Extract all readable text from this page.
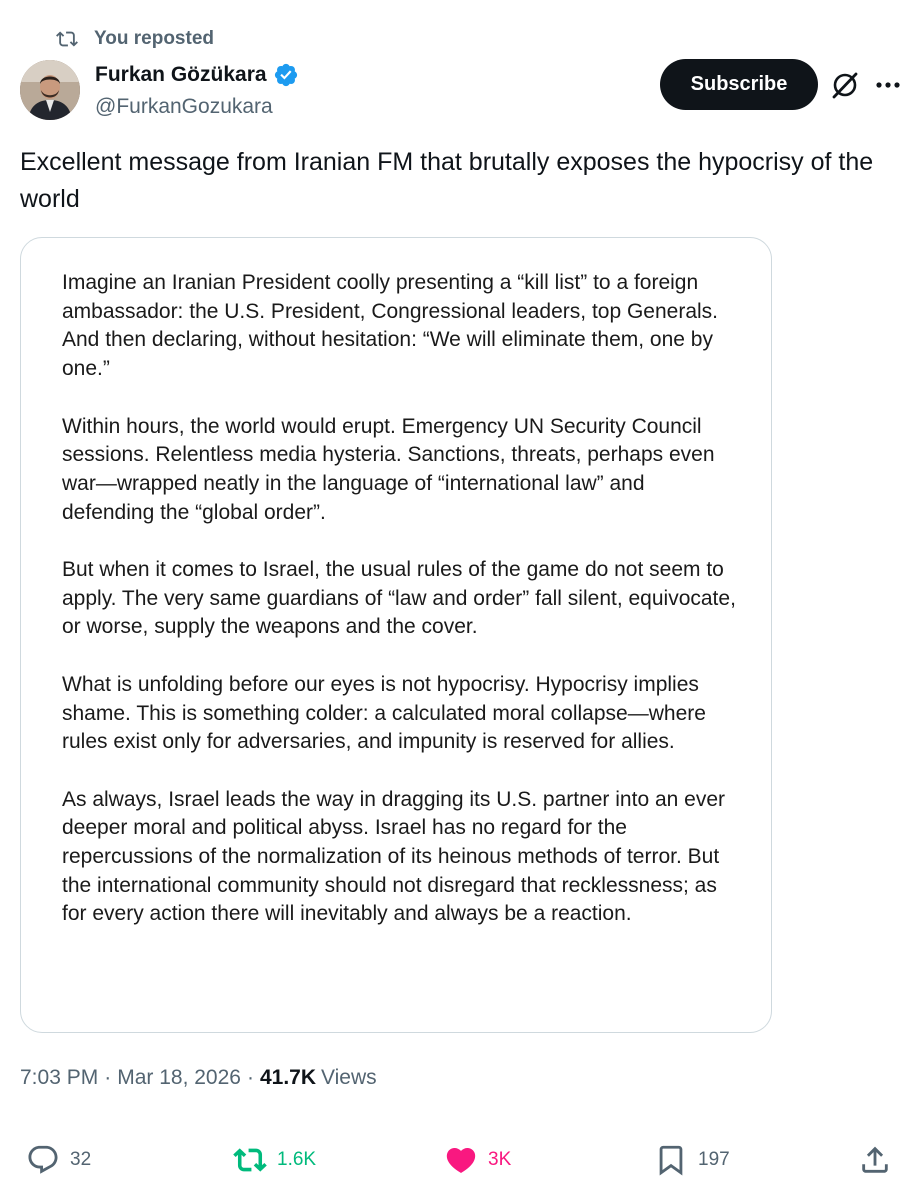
You reposted
Furkan Gözükara
@FurkanGozukara
Subscribe
Excellent message from Iranian FM that brutally exposes the hypocrisy of the world

Imagine an Iranian President coolly presenting a “kill list” to a foreign ambassador: the U.S. President, Congressional leaders, top Generals. And then declaring, without hesitation: “We will eliminate them, one by one.”

Within hours, the world would erupt. Emergency UN Security Council sessions. Relentless media hysteria. Sanctions, threats, perhaps even war—wrapped neatly in the language of “international law” and defending the “global order”.

But when it comes to Israel, the usual rules of the game do not seem to apply. The very same guardians of “law and order” fall silent, equivocate, or worse, supply the weapons and the cover.

What is unfolding before our eyes is not hypocrisy. Hypocrisy implies shame. This is something colder: a calculated moral collapse—where rules exist only for adversaries, and impunity is reserved for allies.

As always, Israel leads the way in dragging its U.S. partner into an ever deeper moral and political abyss. Israel has no regard for the repercussions of the normalization of its heinous methods of terror. But the international community should not disregard that recklessness; as for every action there will inevitably and always be a reaction.

7:03 PM · Mar 18, 2026 · 41.7K Views
32	1.6K	3K	197
